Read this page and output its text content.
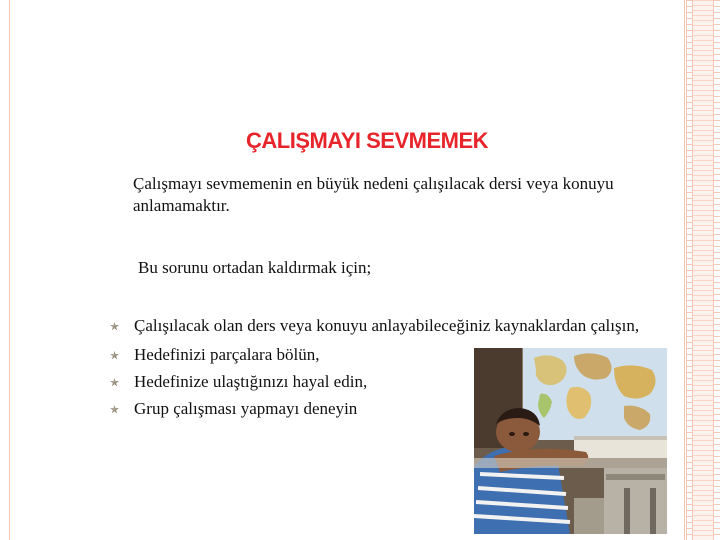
ÇALIŞMAYI SEVMEMEK

Çalışmayı sevmemenin en büyük nedeni çalışılacak dersi veya konuyu anlamamaktır.

Bu sorunu ortadan kaldırmak için;

Çalışılacak olan ders veya konuyu anlayabileceğiniz kaynaklardan çalışın,
Hedefinizi parçalara bölün,
Hedefinize ulaştığınızı hayal edin,
Grup çalışması yapmayı deneyin
